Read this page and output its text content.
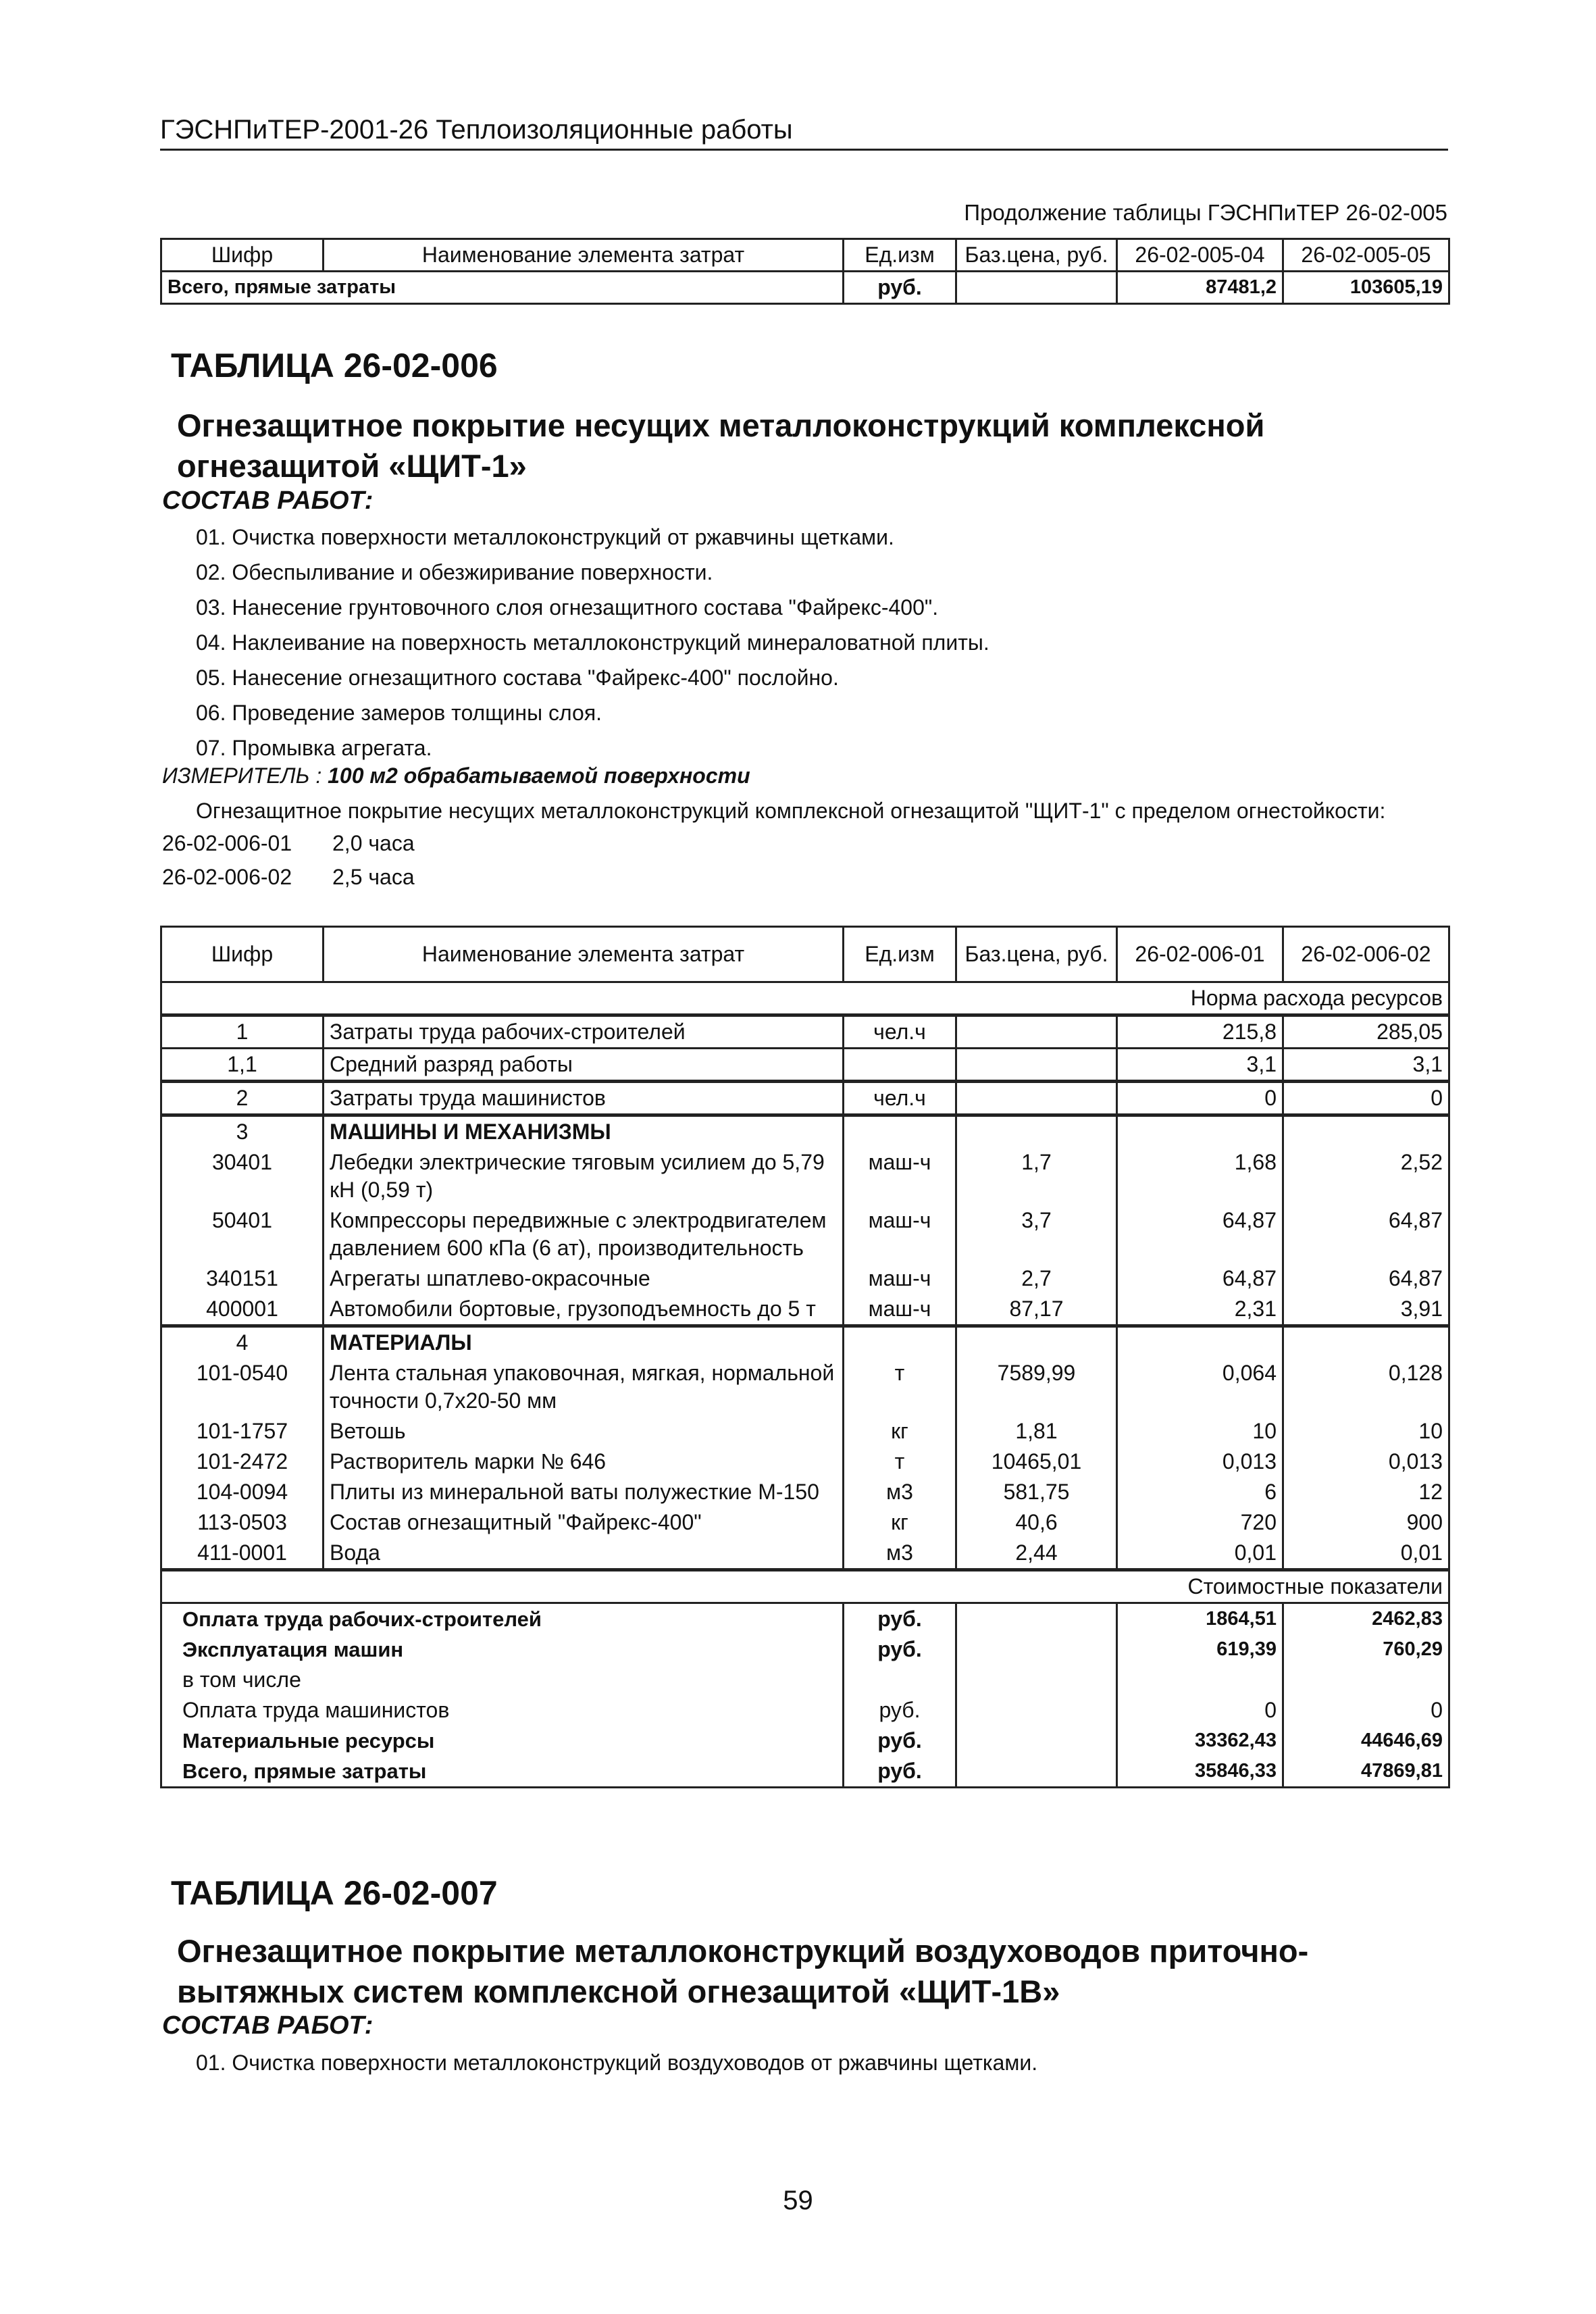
ГЭСНПиТЕР-2001-26 Теплоизоляционные работы
Продолжение таблицы ГЭСНПиТЕР 26-02-005
Шифр	Наименование элемента затрат	Ед.изм	Баз.цена, руб.	26-02-005-04	26-02-005-05
Всего, прямые затраты		руб.		87481,2	103605,19
ТАБЛИЦА 26-02-006
Огнезащитное покрытие несущих металлоконструкций комплексной огнезащитой «ЩИТ-1»
СОСТАВ РАБОТ:
01. Очистка поверхности металлоконструкций от ржавчины щетками.
02. Обеспыливание и обезжиривание поверхности.
03. Нанесение грунтовочного слоя огнезащитного состава "Файрекс-400".
04. Наклеивание на поверхность металлоконструкций минераловатной плиты.
05. Нанесение огнезащитного состава "Файрекс-400" послойно.
06. Проведение замеров толщины слоя.
07. Промывка агрегата.
ИЗМЕРИТЕЛЬ : 100 м2 обрабатываемой поверхности
Огнезащитное покрытие несущих металлоконструкций комплексной огнезащитой "ЩИТ-1" с пределом огнестойкости:
26-02-006-01 2,0 часа
26-02-006-02 2,5 часа
Шифр	Наименование элемента затрат	Ед.изм	Баз.цена, руб.	26-02-006-01	26-02-006-02
Норма расхода ресурсов					
1	Затраты труда рабочих-строителей	чел.ч		215,8	285,05
1,1	Средний разряд работы			3,1	3,1
2	Затраты труда машинистов	чел.ч		0	0
3	МАШИНЫ И МЕХАНИЗМЫ				
30401	Лебедки электрические тяговым усилием до 5,79 кН (0,59 т)	маш-ч	1,7	1,68	2,52
50401	Компрессоры передвижные с электродвигателем давлением 600 кПа (6 ат), производительность	маш-ч	3,7	64,87	64,87
340151	Агрегаты шпатлево-окрасочные	маш-ч	2,7	64,87	64,87
400001	Автомобили бортовые, грузоподъемность до 5 т	маш-ч	87,17	2,31	3,91
4	МАТЕРИАЛЫ				
101-0540	Лента стальная упаковочная, мягкая, нормальной точности 0,7х20-50 мм	т	7589,99	0,064	0,128
101-1757	Ветошь	кг	1,81	10	10
101-2472	Растворитель марки № 646	т	10465,01	0,013	0,013
104-0094	Плиты из минеральной ваты полужесткие М-150	м3	581,75	6	12
113-0503	Состав огнезащитный "Файрекс-400"	кг	40,6	720	900
411-0001	Вода	м3	2,44	0,01	0,01
Стоимостные показатели					
Оплата труда рабочих-строителей		руб.		1864,51	2462,83
Эксплуатация машин		руб.		619,39	760,29
в том числе					
Оплата труда машинистов		руб.		0	0
Материальные ресурсы		руб.		33362,43	44646,69
Всего, прямые затраты		руб.		35846,33	47869,81
ТАБЛИЦА 26-02-007
Огнезащитное покрытие металлоконструкций воздуховодов приточно-вытяжных систем комплексной огнезащитой «ЩИТ-1В»
СОСТАВ РАБОТ:
01. Очистка поверхности металлоконструкций воздуховодов от ржавчины щетками.
59
